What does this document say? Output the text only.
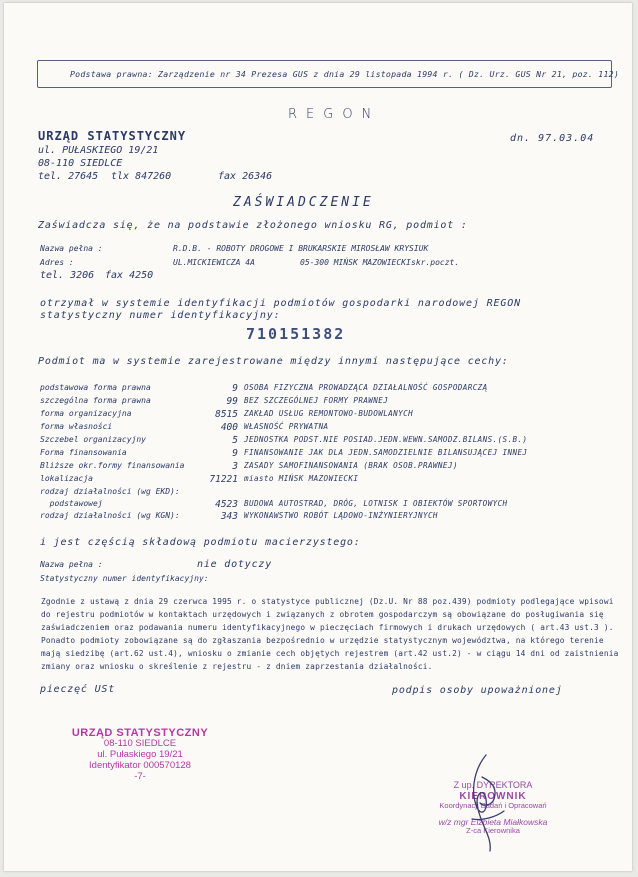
Podstawa prawna: Zarządzenie nr 34 Prezesa GUS z dnia 29 listopada 1994 r. ( Dz. Urz. GUS Nr 21, poz. 112)
REGON
URZĄD STATYSTYCZNY
ul. PUŁASKIEGO 19/21
08-110 SIEDLCE
tel. 27645 tlx 847260	fax 26346
dn. 97.03.04
ZAŚWIADCZENIE
Zaświadcza się, że na podstawie złożonego wniosku RG, podmiot :
Nazwa pełna :	R.D.B. - ROBOTY DROGOWE I BRUKARSKIE MIROSŁAW KRYSIUK
Adres :	UL.MICKIEWICZA 4A	05-300 MIŃSK MAZOWIECKI skr.poczt.
tel. 3206 fax 4250
otrzymał w systemie identyfikacji podmiotów gospodarki narodowej REGON
statystyczny numer identyfikacyjny:
710151382
Podmiot ma w systemie zarejestrowane między innymi następujące cechy:
podstawowa forma prawna	9 OSOBA FIZYCZNA PROWADZĄCA DZIAŁALNOŚĆ GOSPODARCZĄ
szczególna forma prawna	99 BEZ SZCZEGÓLNEJ FORMY PRAWNEJ
forma organizacyjna	8515 ZAKŁAD USŁUG REMONTOWO-BUDOWLANYCH
forma własności	400 WŁASNOŚĆ PRYWATNA
Szczebel organizacyjny	5 JEDNOSTKA PODST.NIE POSIAD.JEDN.WEWN.SAMODZ.BILANS.(S.B.)
Forma finansowania	9 FINANSOWANIE JAK DLA JEDN.SAMODZIELNIE BILANSUJĄCEJ INNEJ
Bliższe okr.formy finansowania	3 ZASADY SAMOFINANSOWANIA (BRAK OSOB.PRAWNEJ)
lokalizacja	71221 miasto MIŃSK MAZOWIECKI
rodzaj działalności (wg EKD):
podstawowej	4523 BUDOWA AUTOSTRAD, DRÓG, LOTNISK I OBIEKTÓW SPORTOWYCH
rodzaj działalności (wg KGN):	343 WYKONAWSTWO ROBÓT LĄDOWO-INŻYNIERYJNYCH
i jest częścią składową podmiotu macierzystego:
Nazwa pełna :	nie dotyczy
Statystyczny numer identyfikacyjny:
Zgodnie z ustawą z dnia 29 czerwca 1995 r. o statystyce publicznej (Dz.U. Nr 88 poz.439) podmioty podlegające wpisowi
do rejestru podmiotów w kontaktach urzędowych i związanych z obrotem gospodarczym są obowiązane do posługiwania się
zaświadczeniem oraz podawania numeru identyfikacyjnego w pieczęciach firmowych i drukach urzędowych ( art.43 ust.3 ).
Ponadto podmioty zobowiązane są do zgłaszania bezpośrednio w urzędzie statystycznym województwa, na którego terenie
mają siedzibę (art.62 ust.4), wniosku o zmianie cech objętych rejestrem (art.42 ust.2) - w ciągu 14 dni od zaistnienia
zmiany oraz wniosku o skreślenie z rejestru - z dniem zaprzestania działalności.
pieczęć USt	podpis osoby upoważnionej
URZĄD STATYSTYCZNY
08-110 SIEDLCE
ul. Pułaskiego 19/21
Identyfikator 000570128
-7-
Z up. DYREKTORA
KIEROWNIK
Koordynacji Badań i Opracowań
w/z mgr Elżbieta Miałkowska
Z-ca Kierownika
